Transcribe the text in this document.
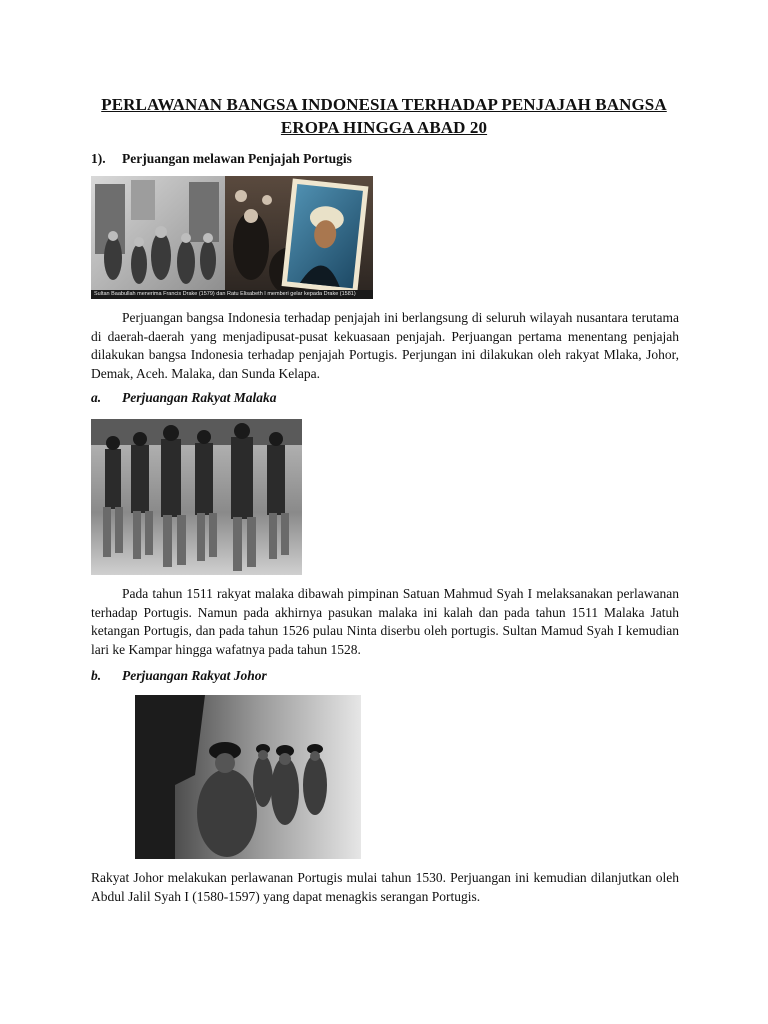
PERLAWANAN BANGSA INDONESIA TERHADAP PENJAJAH BANGSA
EROPA HINGGA ABAD 20
1). Perjuangan melawan Penjajah Portugis
Sultan Baabullah menerima Francis Drake (1579) dan Ratu Elisabeth I memberi gelar kepada Drake (1581)

Perjuangan bangsa Indonesia terhadap penjajah ini berlangsung di seluruh wilayah nusantara terutama di daerah-daerah yang menjadipusat-pusat kekuasaan penjajah. Perjuangan pertama menentang penjajah dilakukan bangsa Indonesia terhadap penjajah Portugis. Perjungan ini dilakukan oleh rakyat Mlaka, Johor, Demak, Aceh. Malaka, dan Sunda Kelapa.

a. Perjuangan Rakyat Malaka

Pada tahun 1511 rakyat malaka dibawah pimpinan Satuan Mahmud Syah I melaksanakan perlawanan terhadap Portugis. Namun pada akhirnya pasukan malaka ini kalah dan pada tahun 1511 Malaka Jatuh ketangan Portugis, dan pada tahun 1526 pulau Ninta diserbu oleh portugis. Sultan Mamud Syah I kemudian lari ke Kampar hingga wafatnya pada tahun 1528.

b. Perjuangan Rakyat Johor

Rakyat Johor melakukan perlawanan Portugis mulai tahun 1530. Perjuangan ini kemudian dilanjutkan oleh Abdul Jalil Syah I (1580-1597) yang dapat menagkis serangan Portugis.
